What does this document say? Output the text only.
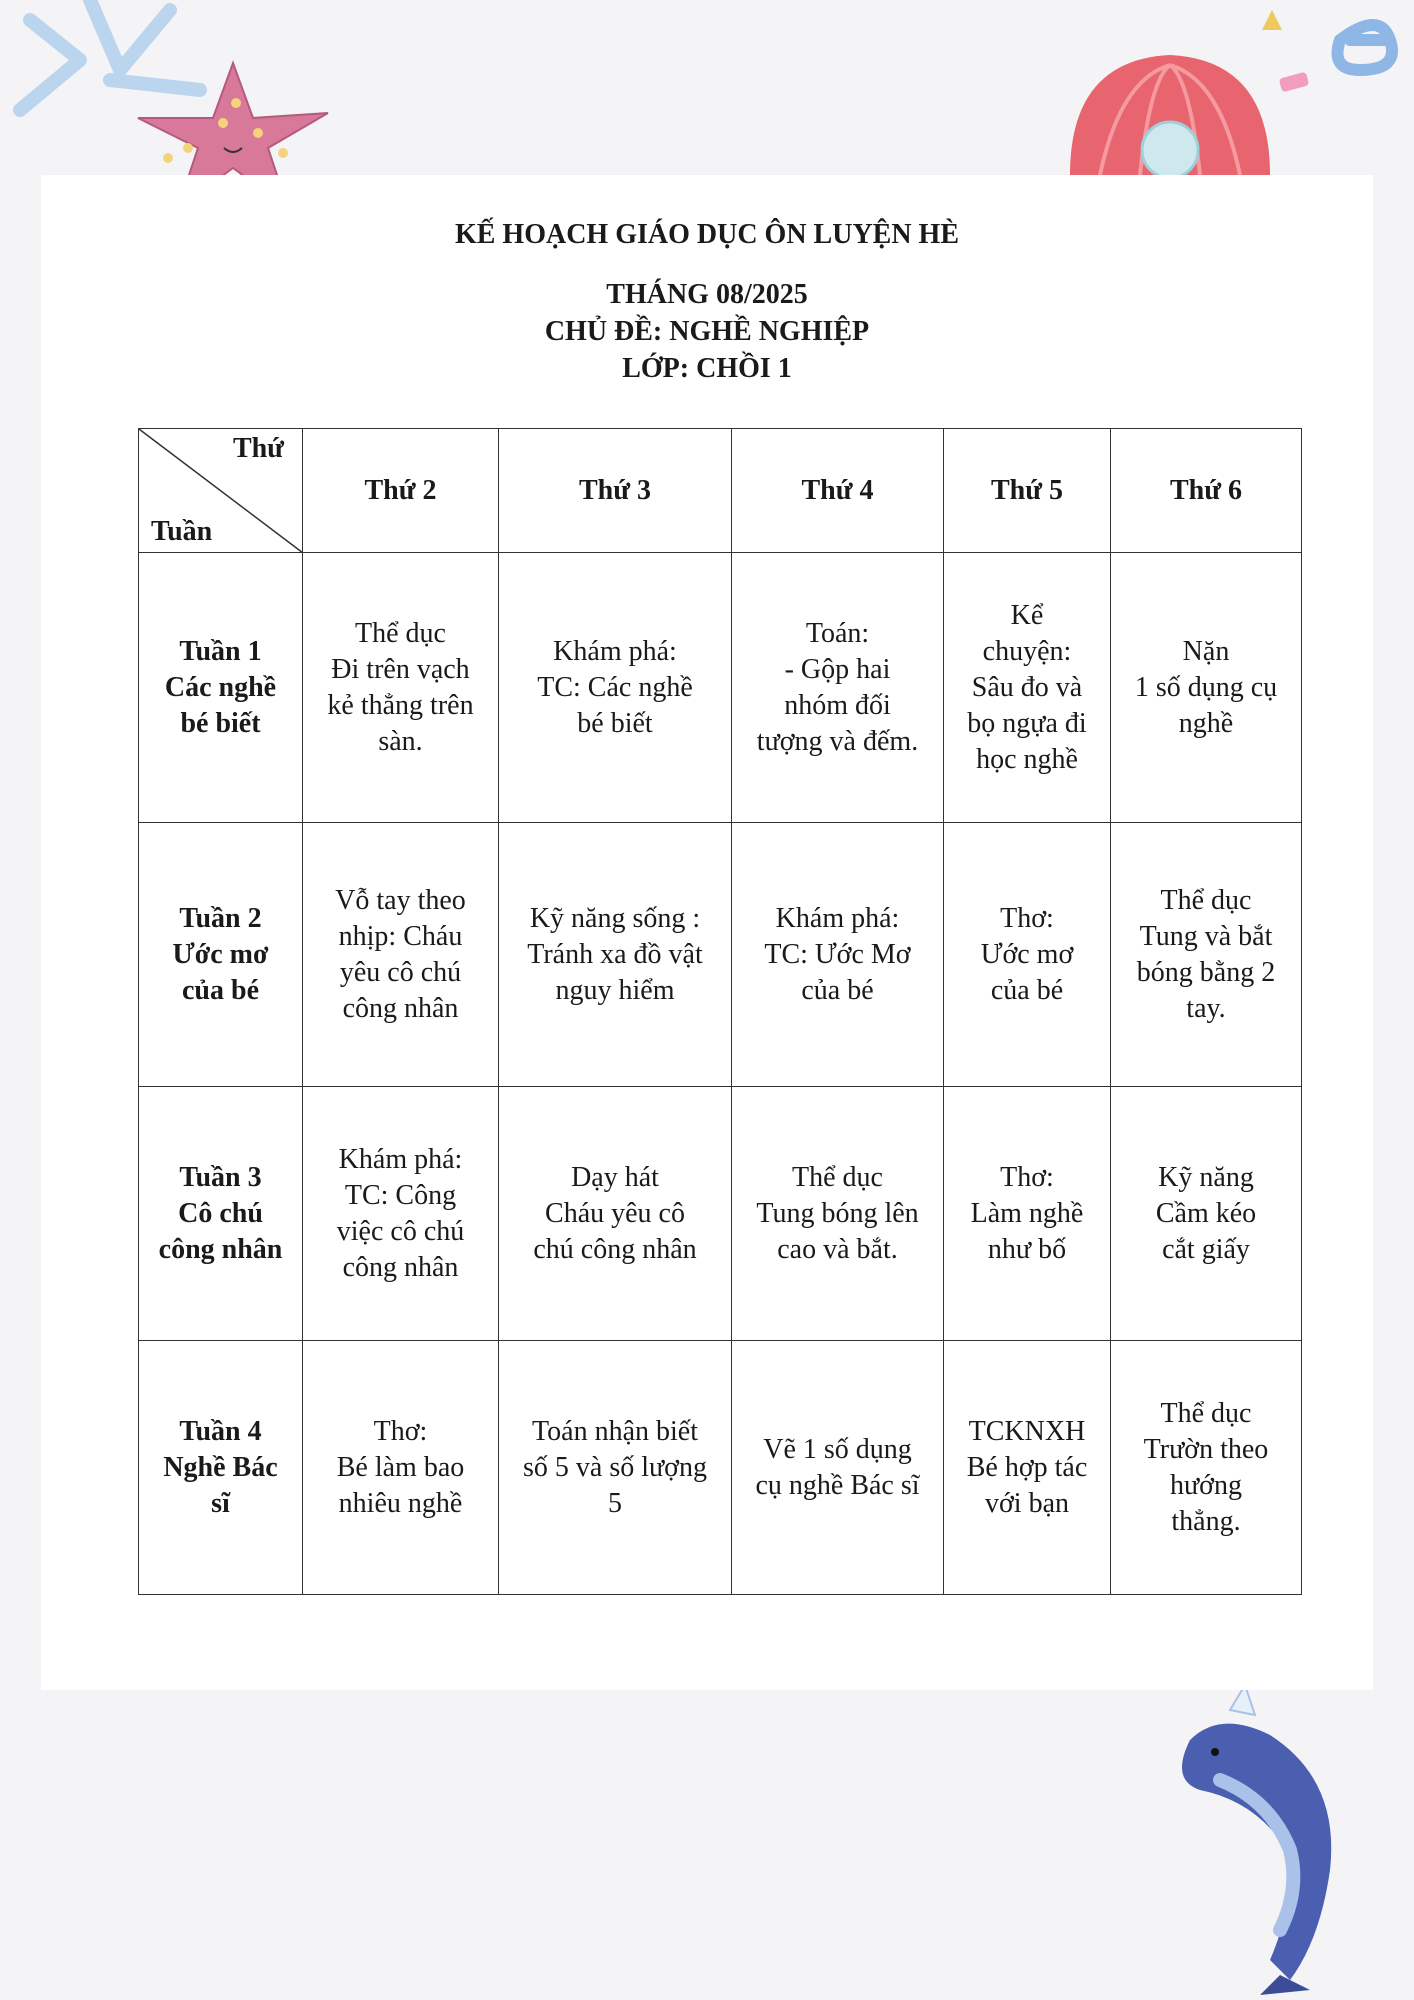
KẾ HOẠCH GIÁO DỤC ÔN LUYỆN HÈ
THÁNG 08/2025
CHỦ ĐỀ: NGHỀ NGHIỆP
LỚP: CHỒI 1
Thứ
Tuần	Thứ 2	Thứ 3	Thứ 4	Thứ 5	Thứ 6

Tuần 1
Các nghề
bé biết	Thể dục
Đi trên vạch
kẻ thẳng trên
sàn.	Khám phá:
TC: Các nghề
bé biết	Toán:
- Gộp hai
nhóm đối
tượng và đếm.	Kể
chuyện:
Sâu đo và
bọ ngựa đi
học nghề	Nặn
1 số dụng cụ
nghề

Tuần 2
Ước mơ
của bé	Vỗ tay theo
nhịp: Cháu
yêu cô chú
công nhân	Kỹ năng sống :
Tránh xa đồ vật
nguy hiểm	Khám phá:
TC: Ước Mơ
của bé	Thơ:
Ước mơ
của bé	Thể dục
Tung và bắt
bóng bằng 2
tay.

Tuần 3
Cô chú
công nhân	Khám phá:
TC: Công
việc cô chú
công nhân	Dạy hát
Cháu yêu cô
chú công nhân	Thể dục
Tung bóng lên
cao và bắt.	Thơ:
Làm nghề
như bố	Kỹ năng
Cầm kéo
cắt giấy

Tuần 4
Nghề Bác
sĩ	Thơ:
Bé làm bao
nhiêu nghề	Toán nhận biết
số 5 và số lượng
5	Vẽ 1 số dụng
cụ nghề Bác sĩ	TCKNXH
Bé hợp tác
với bạn	Thể dục
Trườn theo
hướng
thẳng.
